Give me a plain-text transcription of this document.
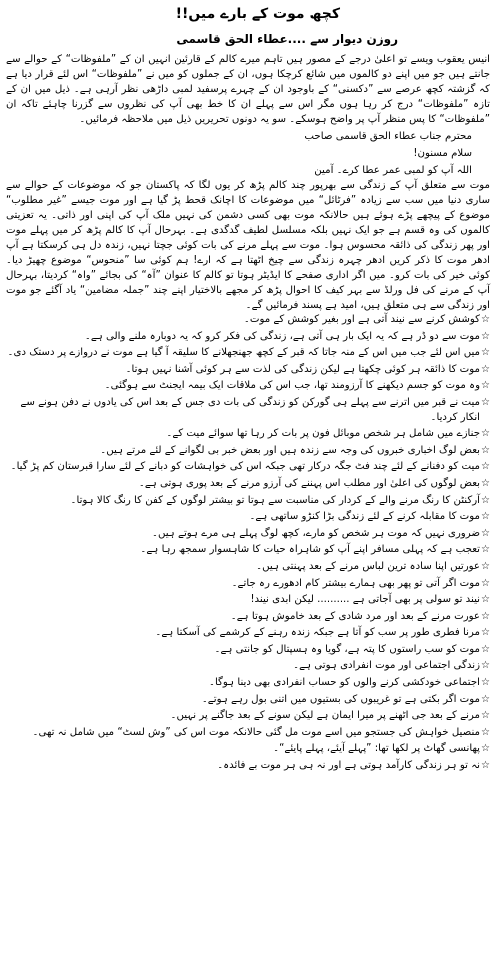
کچھ موت کے بارے میں!!
روزن دیوار سے ....عطاء الحق قاسمی

انیس یعقوب ویسے تو اعلیٰ درجے کے مصور ہیں تاہم میرے کالم کے قارئین انہیں ان کے ”ملفوظات“ کے حوالے سے جانتے ہیں جو میں اپنے دو کالموں میں شائع کرچکا ہوں، ان کے جملوں کو میں نے ”ملفوظات“ اس لئے قرار دیا ہے کہ گزشتہ کچھ عرصے سے ”دکسنی“ کے باوجود ان کے چہرے پرسفید لمبی داڑھی نظر آرہی ہے۔ ذیل میں ان کے تازہ ”ملفوظات“ درج کر رہا ہوں مگر اس سے پہلے ان کا خط بھی آپ کی نظروں سے گزرنا چاہئے تاکہ ان ”ملفوظات“ کا پس منظر آپ پر واضح ہوسکے۔ سو یہ دونوں تحریریں ذیل میں ملاحظہ فرمائیں۔

محترم جناب عطاء الحق قاسمی صاحب

سلام مسنون!

اللہ آپ کو لمبی عمر عطا کرے۔ آمین

موت سے متعلق آپ کے زندگی سے بھرپور چند کالم پڑھ کر یوں لگا کہ پاکستان جو کہ موضوعات کے حوالے سے ساری دنیا میں سب سے زیادہ ”فرٹائل“ میں موضوعات کا اچانک قحط پڑ گیا ہے اور موت جیسے ”غیر مطلوب“ موضوع کے پیچھے پڑے ہوئے ہیں حالانکہ موت بھی کسی دشمن کی نہیں ملک آپ کی اپنی اور ذاتی۔ یہ تعزیتی کالموں کی وہ قسم ہے جو ایک نہیں بلکہ مسلسل لطیف گدگدی ہے۔ بہرحال آپ کا کالم پڑھ کر میں پہلے موت اور پھر زندگی کی ذائقہ محسوس ہوا۔ موت سے پہلے مرنے کی بات کوئی جچتا نہیں، زندہ دل ہی کرسکتا ہے آپ ادھر موت کا ذکر کریں ادھر چہرہ زندگی سے چیخ اٹھتا ہے کہ ارے! ہم کوئی سا ”منحوس“ موضوع چھیڑ دیا۔ کوئی خیر کی بات کرو۔ میں اگر اداری صفحے کا ایڈیٹر ہوتا تو کالم کا عنوان ”آہ“ کی بجائے ”واہ“ کردیتا، بہرحال آپ کے مرنے کی فل ورلڈ سے بہر کیف کا احوال پڑھ کر مجھے بالاختیار اپنے چند ”جملہ مضامین“ یاد آگئے جو موت اور زندگی سے ہی متعلق ہیں، امید ہے پسند فرمائیں گے۔

☆
کوشش کرنے سے نیند آتی ہے اور بغیر کوشش کے موت۔
☆
موت سے دو ڈر ہے کہ یہ ایک بار ہی آتی ہے، زندگی کی فکر کرو کہ یہ دوبارہ ملنے والی ہے۔
☆
میں اس لئے جب میں اس کے منہ جاتا کہ قبر کے کچھ جھنجھلانے کا سلیقہ آ گیا ہے موت نے دروازے پر دستک دی۔
☆
موت کا ذائقہ ہر کوئی چکھتا ہے لیکن زندگی کی لذت سے ہر کوئی آشنا نہیں ہوتا۔
☆
وہ موت کو جسم دیکھنے کا آرزومند تھا، جب اس کی ملاقات ایک بیمہ ایجنٹ سے ہوگئی۔
☆
میت نے قبر میں اترنے سے پہلے ہی گورکن کو زندگی کی بات دی جس کے بعد اس کی یادوں نے دفن ہونے سے انکار کردیا۔
☆
جنازے میں شامل ہر شخص موبائل فون پر بات کر رہا تھا سوائے میت کے۔
☆
بعض لوگ اخباری خبروں کی وجہ سے زندہ ہیں اور بعض خبر بی لگوانے کے لئے مرتے ہیں۔
☆
میت کو دفنانے کے لئے چند فٹ جگہ درکار تھی جبکہ اس کی خواہشات کو دبانے کے لئے سارا قبرستان کم پڑ گیا۔
☆
بعض لوگوں کی اعلیٰ اور مطلب اس پہننے کی آرزو مرنے کے بعد پوری ہوتی ہے۔
☆
آرکنٹن کا رنگ مرنے والے کے کردار کی مناسبت سے ہوتا تو بیشتر لوگوں کے کفن کا رنگ کالا ہوتا۔
☆
موت کا مقابلہ کرنے کے لئے زندگی بڑا کنڑو ساتھی ہے۔
☆
ضروری نہیں کہ موت ہر شخص کو مارے، کچھ لوگ پہلے ہی مرے ہوتے ہیں۔
☆
تعجب ہے کہ پہلی مسافر اپنے آپ کو شاہراہ حیات کا شاہسوار سمجھ رہا ہے۔
☆
عورتیں اپنا سادہ ترین لباس مرنے کے بعد پہنتی ہیں۔
☆
موت اگر آتی تو پھر بھی ہمارے بیشتر کام ادھورے رہ جاتے۔
☆
نیند تو سولی پر بھی آجاتی ہے .......... لیکن ابدی نیند!
☆
عورت مرنے کے بعد اور مرد شادی کے بعد خاموش ہوتا ہے۔
☆
مرنا فطری طور پر سب کو آتا ہے جبکہ زندہ رہنے کے کرشمے کی آسکتا ہے۔
☆
موت کو سب راستوں کا پتہ ہے، گویا وہ ہسپتال کو جانتی ہے۔
☆
زندگی اجتماعی اور موت انفرادی ہوتی ہے۔
☆
اجتماعی خودکشی کرنے والوں کو حساب انفرادی بھی دینا ہوگا۔
☆
موت اگر بکتی ہے تو غریبوں کی بستیوں میں اتنی بول رہے ہوتے۔
☆
مرنے کے بعد جی اٹھنے پر میرا ایمان ہے لیکن سونے کے بعد جاگنے پر نہیں۔
☆
منصیل خواہش کی جستجو میں اسے موت مل گئی حالانکہ موت اس کی ”وش لسٹ“ میں شامل نہ تھی۔
☆
پھانسی گھاٹ پر لکھا تھا: ”پہلے آیئے، پہلے پایئے“۔
☆
نہ تو ہر زندگی کارآمد ہوتی ہے اور نہ ہی ہر موت بے فائدہ۔
